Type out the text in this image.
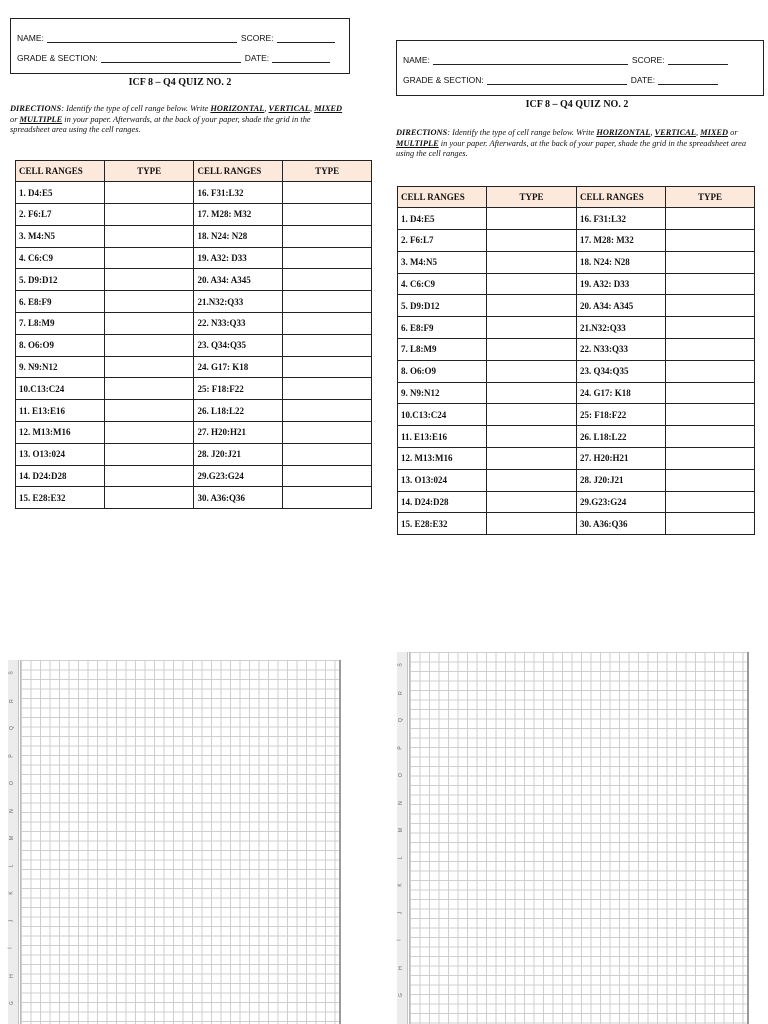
NAME:	SCORE:
GRADE & SECTION:	DATE:
ICF 8 – Q4 QUIZ NO. 2
DIRECTIONS: Identify the type of cell range below. Write HORIZONTAL, VERTICAL, MIXED or MULTIPLE in your paper. Afterwards, at the back of your paper, shade the grid in the spreadsheet area using the cell ranges.
CELL RANGES	TYPE	CELL RANGES	TYPE
1. D4:E5		16. F31:L32	
2. F6:L7		17. M28: M32	
3. M4:N5		18. N24: N28	
4. C6:C9		19. A32: D33	
5. D9:D12		20. A34: A345	
6. E8:F9		21.N32:Q33	
7. L8:M9		22. N33:Q33	
8. O6:O9		23. Q34:Q35	
9. N9:N12		24. G17: K18	
10.C13:C24		25: F18:F22	
11. E13:E16		26. L18:L22	
12. M13:M16		27. H20:H21	
13. O13:024		28. J20:J21	
14. D24:D28		29.G23:G24	
15. E28:E32		30. A36:Q36	
NAME:	SCORE:
GRADE & SECTION:	DATE:
ICF 8 – Q4 QUIZ NO. 2
DIRECTIONS: Identify the type of cell range below. Write HORIZONTAL, VERTICAL, MIXED or MULTIPLE in your paper. Afterwards, at the back of your paper, shade the grid in the spreadsheet area using the cell ranges.
CELL RANGES	TYPE	CELL RANGES	TYPE
1. D4:E5		16. F31:L32	
2. F6:L7		17. M28: M32	
3. M4:N5		18. N24: N28	
4. C6:C9		19. A32: D33	
5. D9:D12		20. A34: A345	
6. E8:F9		21.N32:Q33	
7. L8:M9		22. N33:Q33	
8. O6:O9		23. Q34:Q35	
9. N9:N12		24. G17: K18	
10.C13:C24		25: F18:F22	
11. E13:E16		26. L18:L22	
12. M13:M16		27. H20:H21	
13. O13:024		28. J20:J21	
14. D24:D28		29.G23:G24	
15. E28:E32		30. A36:Q36	
S
R
Q
P
O
N
M
L
K
J
I
H
G
S
R
Q
P
O
N
M
L
K
J
I
H
G
